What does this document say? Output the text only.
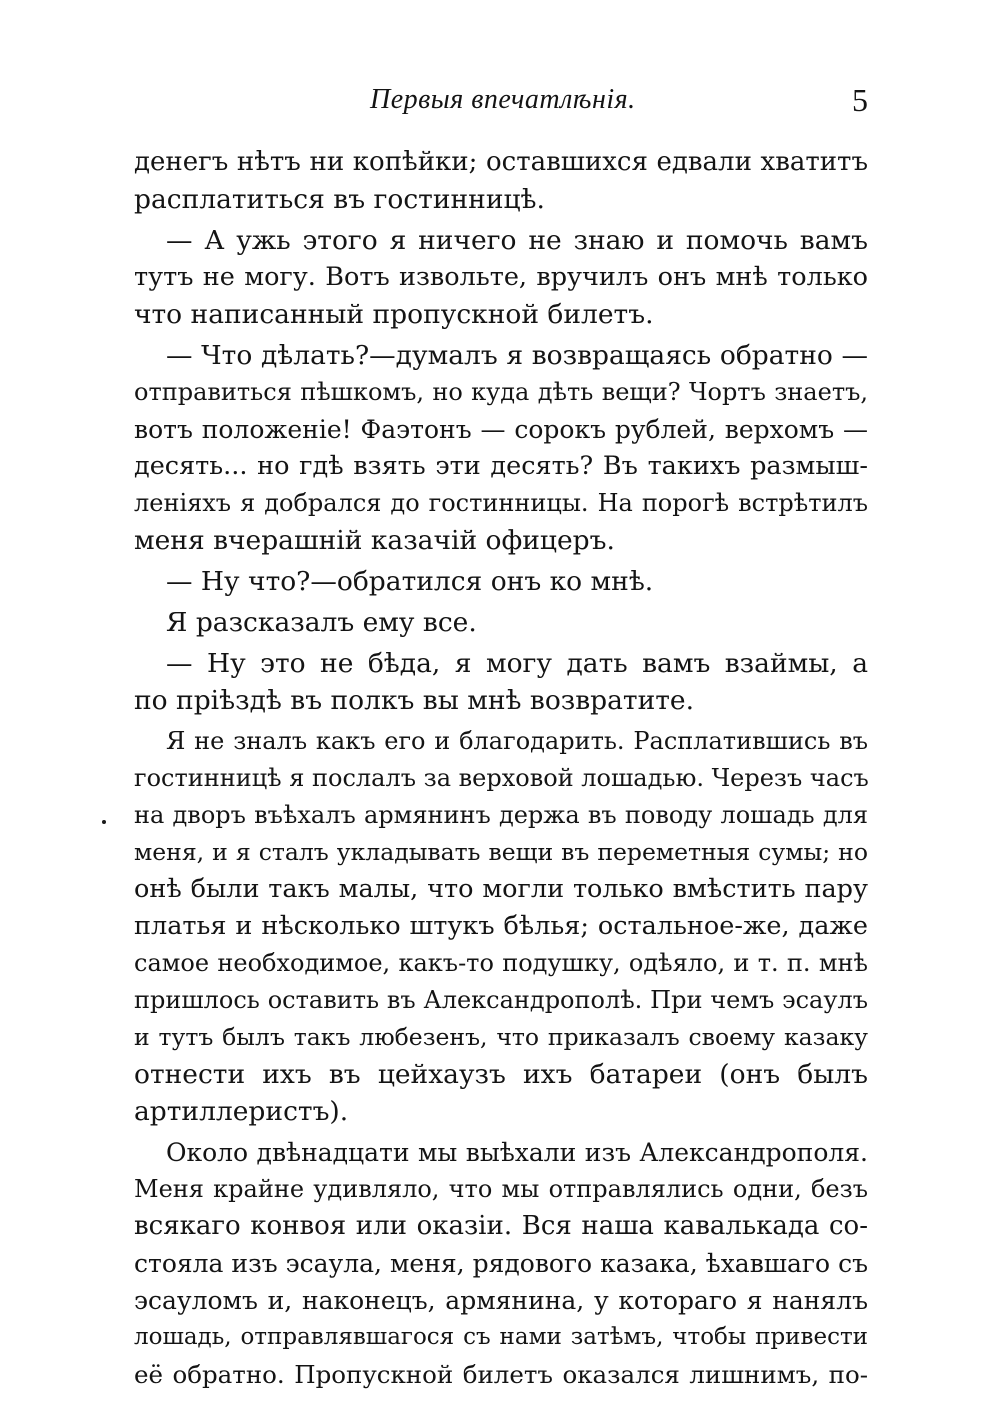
Первыя впечатлѣнія.	5
денегъ нѣтъ ни копѣйки; оставшихся едвали хватитъ
расплатиться въ гостинницѣ.
— А ужь этого я ничего не знаю и помочь вамъ
тутъ не могу. Вотъ извольте, вручилъ онъ мнѣ только
что написанный пропускной билетъ.
— Что дѣлать?—думалъ я возвращаясь обратно —
отправиться пѣшкомъ, но куда дѣть вещи? Чортъ знаетъ,
вотъ положеніе! Фаэтонъ — сорокъ рублей, верхомъ —
десять... но гдѣ взять эти десять? Въ такихъ размыш-
леніяхъ я добрался до гостинницы. На порогѣ встрѣтилъ
меня вчерашній казачій офицеръ.
— Ну что?—обратился онъ ко мнѣ.
Я разсказалъ ему все.
— Ну это не бѣда, я могу дать вамъ взаймы, а
по пріѣздѣ въ полкъ вы мнѣ возвратите.
Я не зналъ какъ его и благодарить. Расплатившись въ
гостинницѣ я послалъ за верховой лошадью. Черезъ часъ
на дворъ въѣхалъ армянинъ держа въ поводу лошадь для
меня, и я сталъ укладывать вещи въ переметныя сумы; но
онѣ были такъ малы, что могли только вмѣстить пару
платья и нѣсколько штукъ бѣлья; остальное-же, даже
самое необходимое, какъ-то подушку, одѣяло, и т. п. мнѣ
пришлось оставить въ Александрополѣ. При чемъ эсаулъ
и тутъ былъ такъ любезенъ, что приказалъ своему казаку
отнести ихъ въ цейхаузъ ихъ батареи (онъ былъ
артиллеристъ).
Около двѣнадцати мы выѣхали изъ Александрополя.
Меня крайне удивляло, что мы отправлялись одни, безъ
всякаго конвоя или оказіи. Вся наша кавалькада со-
стояла изъ эсаула, меня, рядового казака, ѣхавшаго съ
эсауломъ и, наконецъ, армянина, у котораго я нанялъ
лошадь, отправлявшагося съ нами затѣмъ, чтобы привести
её обратно. Пропускной билетъ оказался лишнимъ, по-
